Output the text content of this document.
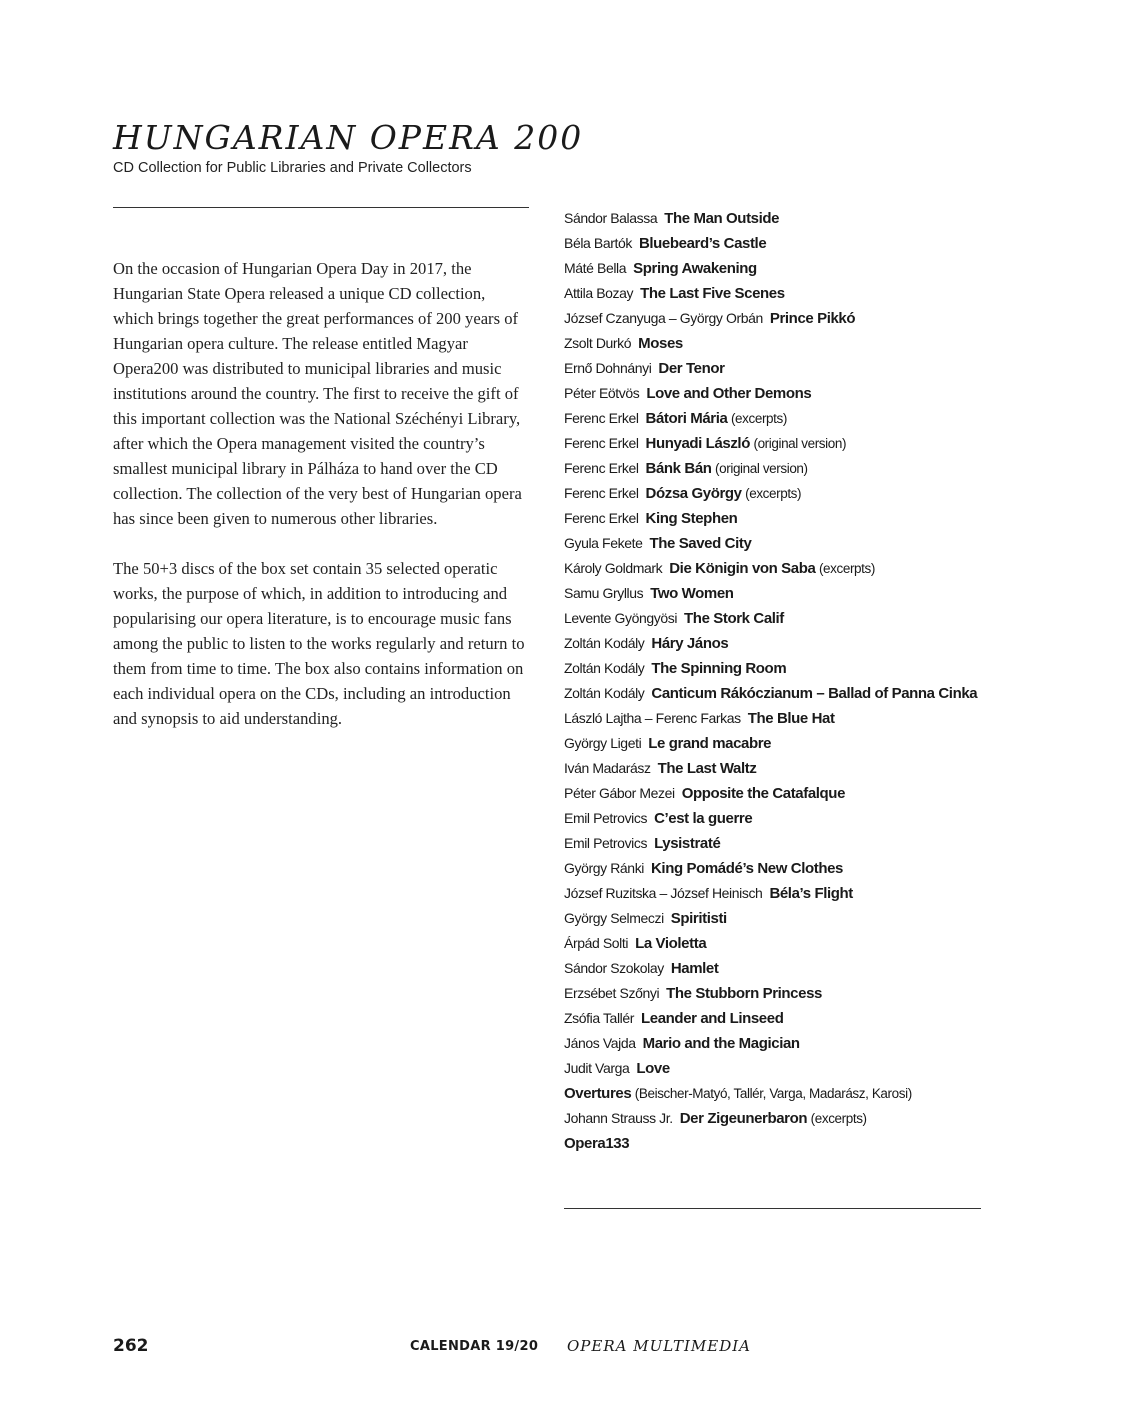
HUNGARIAN OPERA 200

CD Collection for Public Libraries and Private Collectors

On the occasion of Hungarian Opera Day in 2017, the Hungarian State Opera released a unique CD collection, which brings together the great performances of 200 years of Hungarian opera culture. The release entitled Magyar Opera200 was distributed to municipal libraries and music institutions around the country. The first to receive the gift of this important collection was the National Széchényi Library, after which the Opera management visited the country’s smallest municipal library in Pálháza to hand over the CD collection. The collection of the very best of Hungarian opera has since been given to numerous other libraries.

The 50+3 discs of the box set contain 35 selected operatic works, the purpose of which, in addition to introducing and popularising our opera literature, is to encourage music fans among the public to listen to the works regularly and return to them from time to time. The box also contains information on each individual opera on the CDs, including an introduction and synopsis to aid understanding.

Sándor Balassa The Man Outside
Béla Bartók Bluebeard’s Castle
Máté Bella Spring Awakening
Attila Bozay The Last Five Scenes
József Czanyuga – György Orbán Prince Pikkó
Zsolt Durkó Moses
Ernő Dohnányi Der Tenor
Péter Eötvös Love and Other Demons
Ferenc Erkel Bátori Mária (excerpts)
Ferenc Erkel Hunyadi László (original version)
Ferenc Erkel Bánk Bán (original version)
Ferenc Erkel Dózsa György (excerpts)
Ferenc Erkel King Stephen
Gyula Fekete The Saved City
Károly Goldmark Die Königin von Saba (excerpts)
Samu Gryllus Two Women
Levente Gyöngyösi The Stork Calif
Zoltán Kodály Háry János
Zoltán Kodály The Spinning Room
Zoltán Kodály Canticum Rákóczianum – Ballad of Panna Cinka
László Lajtha – Ferenc Farkas The Blue Hat
György Ligeti Le grand macabre
Iván Madarász The Last Waltz
Péter Gábor Mezei Opposite the Catafalque
Emil Petrovics C’est la guerre
Emil Petrovics Lysistraté
György Ránki King Pomádé’s New Clothes
József Ruzitska – József Heinisch Béla’s Flight
György Selmeczi Spiritisti
Árpád Solti La Violetta
Sándor Szokolay Hamlet
Erzsébet Szőnyi The Stubborn Princess
Zsófia Tallér Leander and Linseed
János Vajda Mario and the Magician
Judit Varga Love
Overtures (Beischer-Matyó, Tallér, Varga, Madarász, Karosi)
Johann Strauss Jr. Der Zigeunerbaron (excerpts)
Opera133

262	CALENDAR 19/20 OPERA MULTIMEDIA
